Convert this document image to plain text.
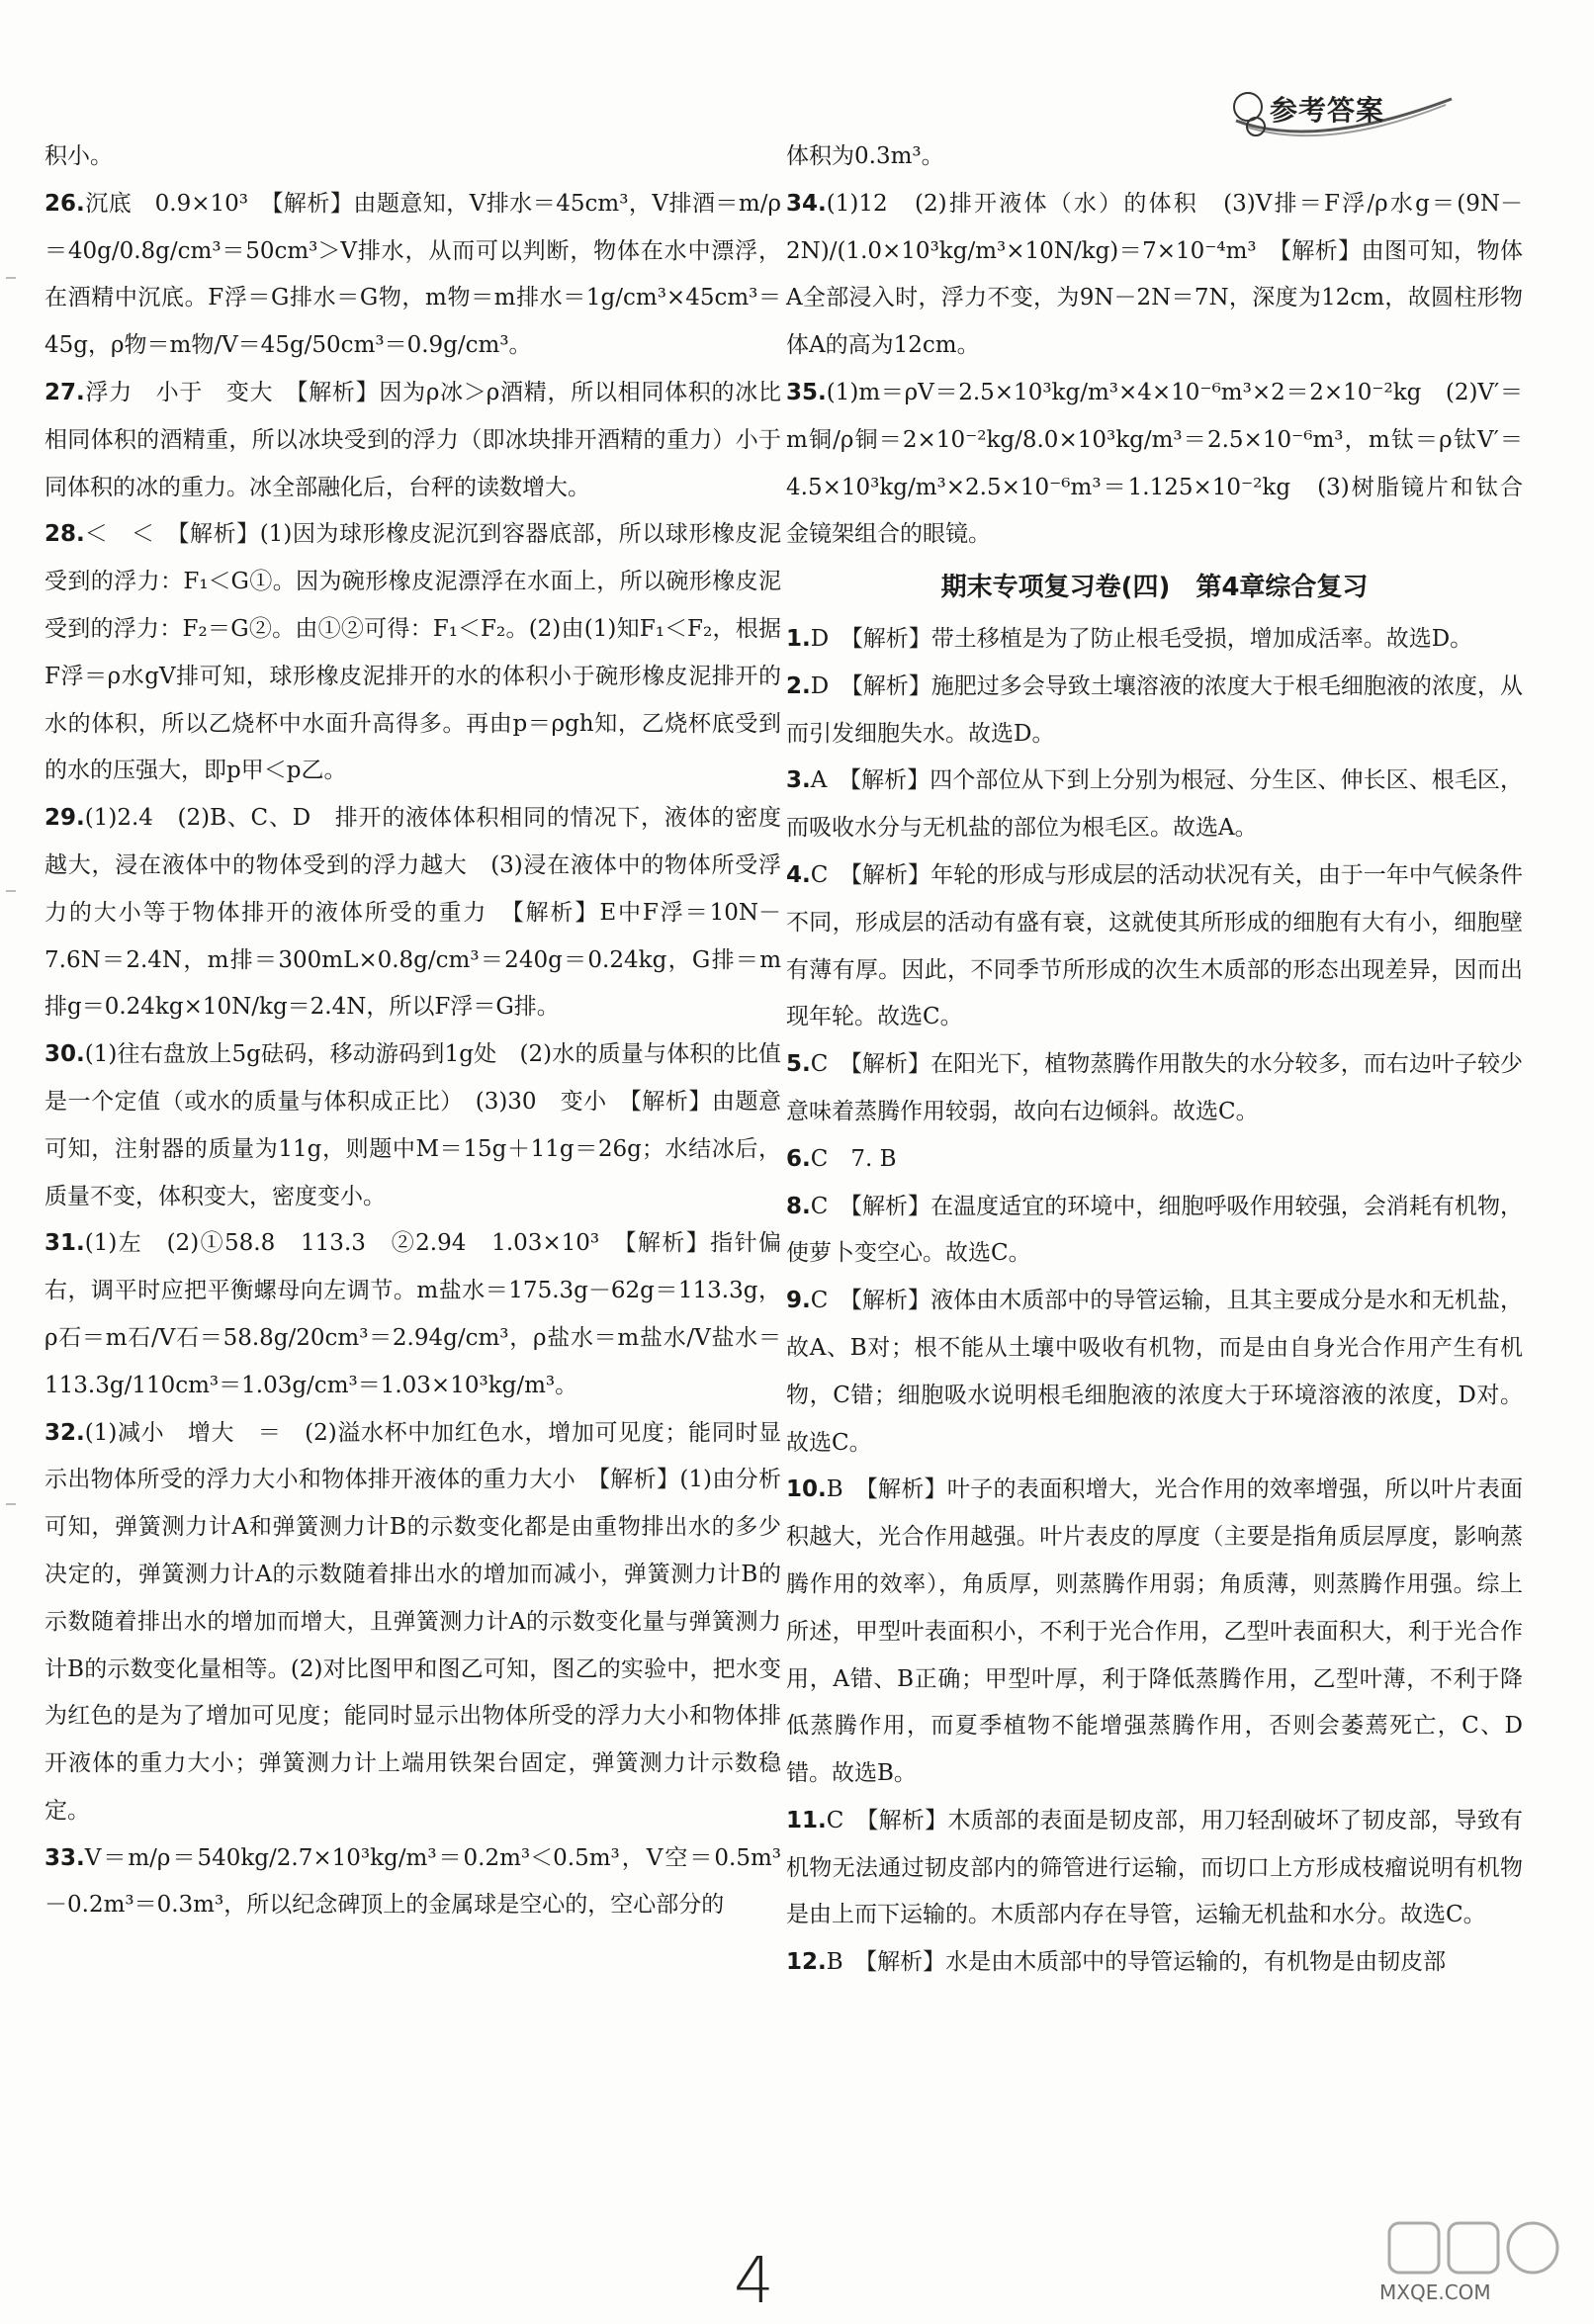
参考答案

积小。

26.沉底　0.9×10³　【解析】由题意知，V排水＝45cm³，V排酒＝m/ρ＝40g/0.8g/cm³＝50cm³＞V排水，从而可以判断，物体在水中漂浮，在酒精中沉底。F浮＝G排水＝G物，m物＝m排水＝1g/cm³×45cm³＝45g，ρ物＝m物/V＝45g/50cm³＝0.9g/cm³。

27.浮力　小于　变大　【解析】因为ρ冰＞ρ酒精，所以相同体积的冰比相同体积的酒精重，所以冰块受到的浮力（即冰块排开酒精的重力）小于同体积的冰的重力。冰全部融化后，台秤的读数增大。

28.＜　＜　【解析】(1)因为球形橡皮泥沉到容器底部，所以球形橡皮泥受到的浮力：F₁＜G①。因为碗形橡皮泥漂浮在水面上，所以碗形橡皮泥受到的浮力：F₂＝G②。由①②可得：F₁＜F₂。(2)由(1)知F₁＜F₂，根据F浮＝ρ水gV排可知，球形橡皮泥排开的水的体积小于碗形橡皮泥排开的水的体积，所以乙烧杯中水面升高得多。再由p＝ρgh知，乙烧杯底受到的水的压强大，即p甲＜p乙。

29.(1)2.4　(2)B、C、D　排开的液体体积相同的情况下，液体的密度越大，浸在液体中的物体受到的浮力越大　(3)浸在液体中的物体所受浮力的大小等于物体排开的液体所受的重力　【解析】E中F浮＝10N－7.6N＝2.4N，m排＝300mL×0.8g/cm³＝240g＝0.24kg，G排＝m排g＝0.24kg×10N/kg＝2.4N，所以F浮＝G排。

30.(1)往右盘放上5g砝码，移动游码到1g处　(2)水的质量与体积的比值是一个定值（或水的质量与体积成正比）　(3)30　变小　【解析】由题意可知，注射器的质量为11g，则题中M＝15g＋11g＝26g；水结冰后，质量不变，体积变大，密度变小。

31.(1)左　(2)①58.8　113.3　②2.94　1.03×10³　【解析】指针偏右，调平时应把平衡螺母向左调节。m盐水＝175.3g－62g＝113.3g，ρ石＝m石/V石＝58.8g/20cm³＝2.94g/cm³，ρ盐水＝m盐水/V盐水＝113.3g/110cm³＝1.03g/cm³＝1.03×10³kg/m³。

32.(1)减小　增大　＝　(2)溢水杯中加红色水，增加可见度；能同时显示出物体所受的浮力大小和物体排开液体的重力大小　【解析】(1)由分析可知，弹簧测力计A和弹簧测力计B的示数变化都是由重物排出水的多少决定的，弹簧测力计A的示数随着排出水的增加而减小，弹簧测力计B的示数随着排出水的增加而增大，且弹簧测力计A的示数变化量与弹簧测力计B的示数变化量相等。(2)对比图甲和图乙可知，图乙的实验中，把水变为红色的是为了增加可见度；能同时显示出物体所受的浮力大小和物体排开液体的重力大小；弹簧测力计上端用铁架台固定，弹簧测力计示数稳定。

33.V＝m/ρ＝540kg/2.7×10³kg/m³＝0.2m³＜0.5m³，V空＝0.5m³－0.2m³＝0.3m³，所以纪念碑顶上的金属球是空心的，空心部分的

体积为0.3m³。

34.(1)12　(2)排开液体（水）的体积　(3)V排＝F浮/ρ水g＝(9N－2N)/(1.0×10³kg/m³×10N/kg)＝7×10⁻⁴m³　【解析】由图可知，物体A全部浸入时，浮力不变，为9N－2N＝7N，深度为12cm，故圆柱形物体A的高为12cm。

35.(1)m＝ρV＝2.5×10³kg/m³×4×10⁻⁶m³×2＝2×10⁻²kg　(2)V′＝m铜/ρ铜＝2×10⁻²kg/8.0×10³kg/m³＝2.5×10⁻⁶m³，m钛＝ρ钛V′＝4.5×10³kg/m³×2.5×10⁻⁶m³＝1.125×10⁻²kg　(3)树脂镜片和钛合金镜架组合的眼镜。

期末专项复习卷(四)　第4章综合复习

1.D　【解析】带土移植是为了防止根毛受损，增加成活率。故选D。

2.D　【解析】施肥过多会导致土壤溶液的浓度大于根毛细胞液的浓度，从而引发细胞失水。故选D。

3.A　【解析】四个部位从下到上分别为根冠、分生区、伸长区、根毛区，而吸收水分与无机盐的部位为根毛区。故选A。

4.C　【解析】年轮的形成与形成层的活动状况有关，由于一年中气候条件不同，形成层的活动有盛有衰，这就使其所形成的细胞有大有小，细胞壁有薄有厚。因此，不同季节所形成的次生木质部的形态出现差异，因而出现年轮。故选C。

5.C　【解析】在阳光下，植物蒸腾作用散失的水分较多，而右边叶子较少意味着蒸腾作用较弱，故向右边倾斜。故选C。

6.C　7. B

8.C　【解析】在温度适宜的环境中，细胞呼吸作用较强，会消耗有机物，使萝卜变空心。故选C。

9.C　【解析】液体由木质部中的导管运输，且其主要成分是水和无机盐，故A、B对；根不能从土壤中吸收有机物，而是由自身光合作用产生有机物，C错；细胞吸水说明根毛细胞液的浓度大于环境溶液的浓度，D对。故选C。

10.B　【解析】叶子的表面积增大，光合作用的效率增强，所以叶片表面积越大，光合作用越强。叶片表皮的厚度（主要是指角质层厚度，影响蒸腾作用的效率），角质厚，则蒸腾作用弱；角质薄，则蒸腾作用强。综上所述，甲型叶表面积小，不利于光合作用，乙型叶表面积大，利于光合作用，A错、B正确；甲型叶厚，利于降低蒸腾作用，乙型叶薄，不利于降低蒸腾作用，而夏季植物不能增强蒸腾作用，否则会萎蔫死亡，C、D错。故选B。

11.C　【解析】木质部的表面是韧皮部，用刀轻刮破坏了韧皮部，导致有机物无法通过韧皮部内的筛管进行运输，而切口上方形成枝瘤说明有机物是由上而下运输的。木质部内存在导管，运输无机盐和水分。故选C。

12.B　【解析】水是由木质部中的导管运输的，有机物是由韧皮部

4	MXQE.COM
